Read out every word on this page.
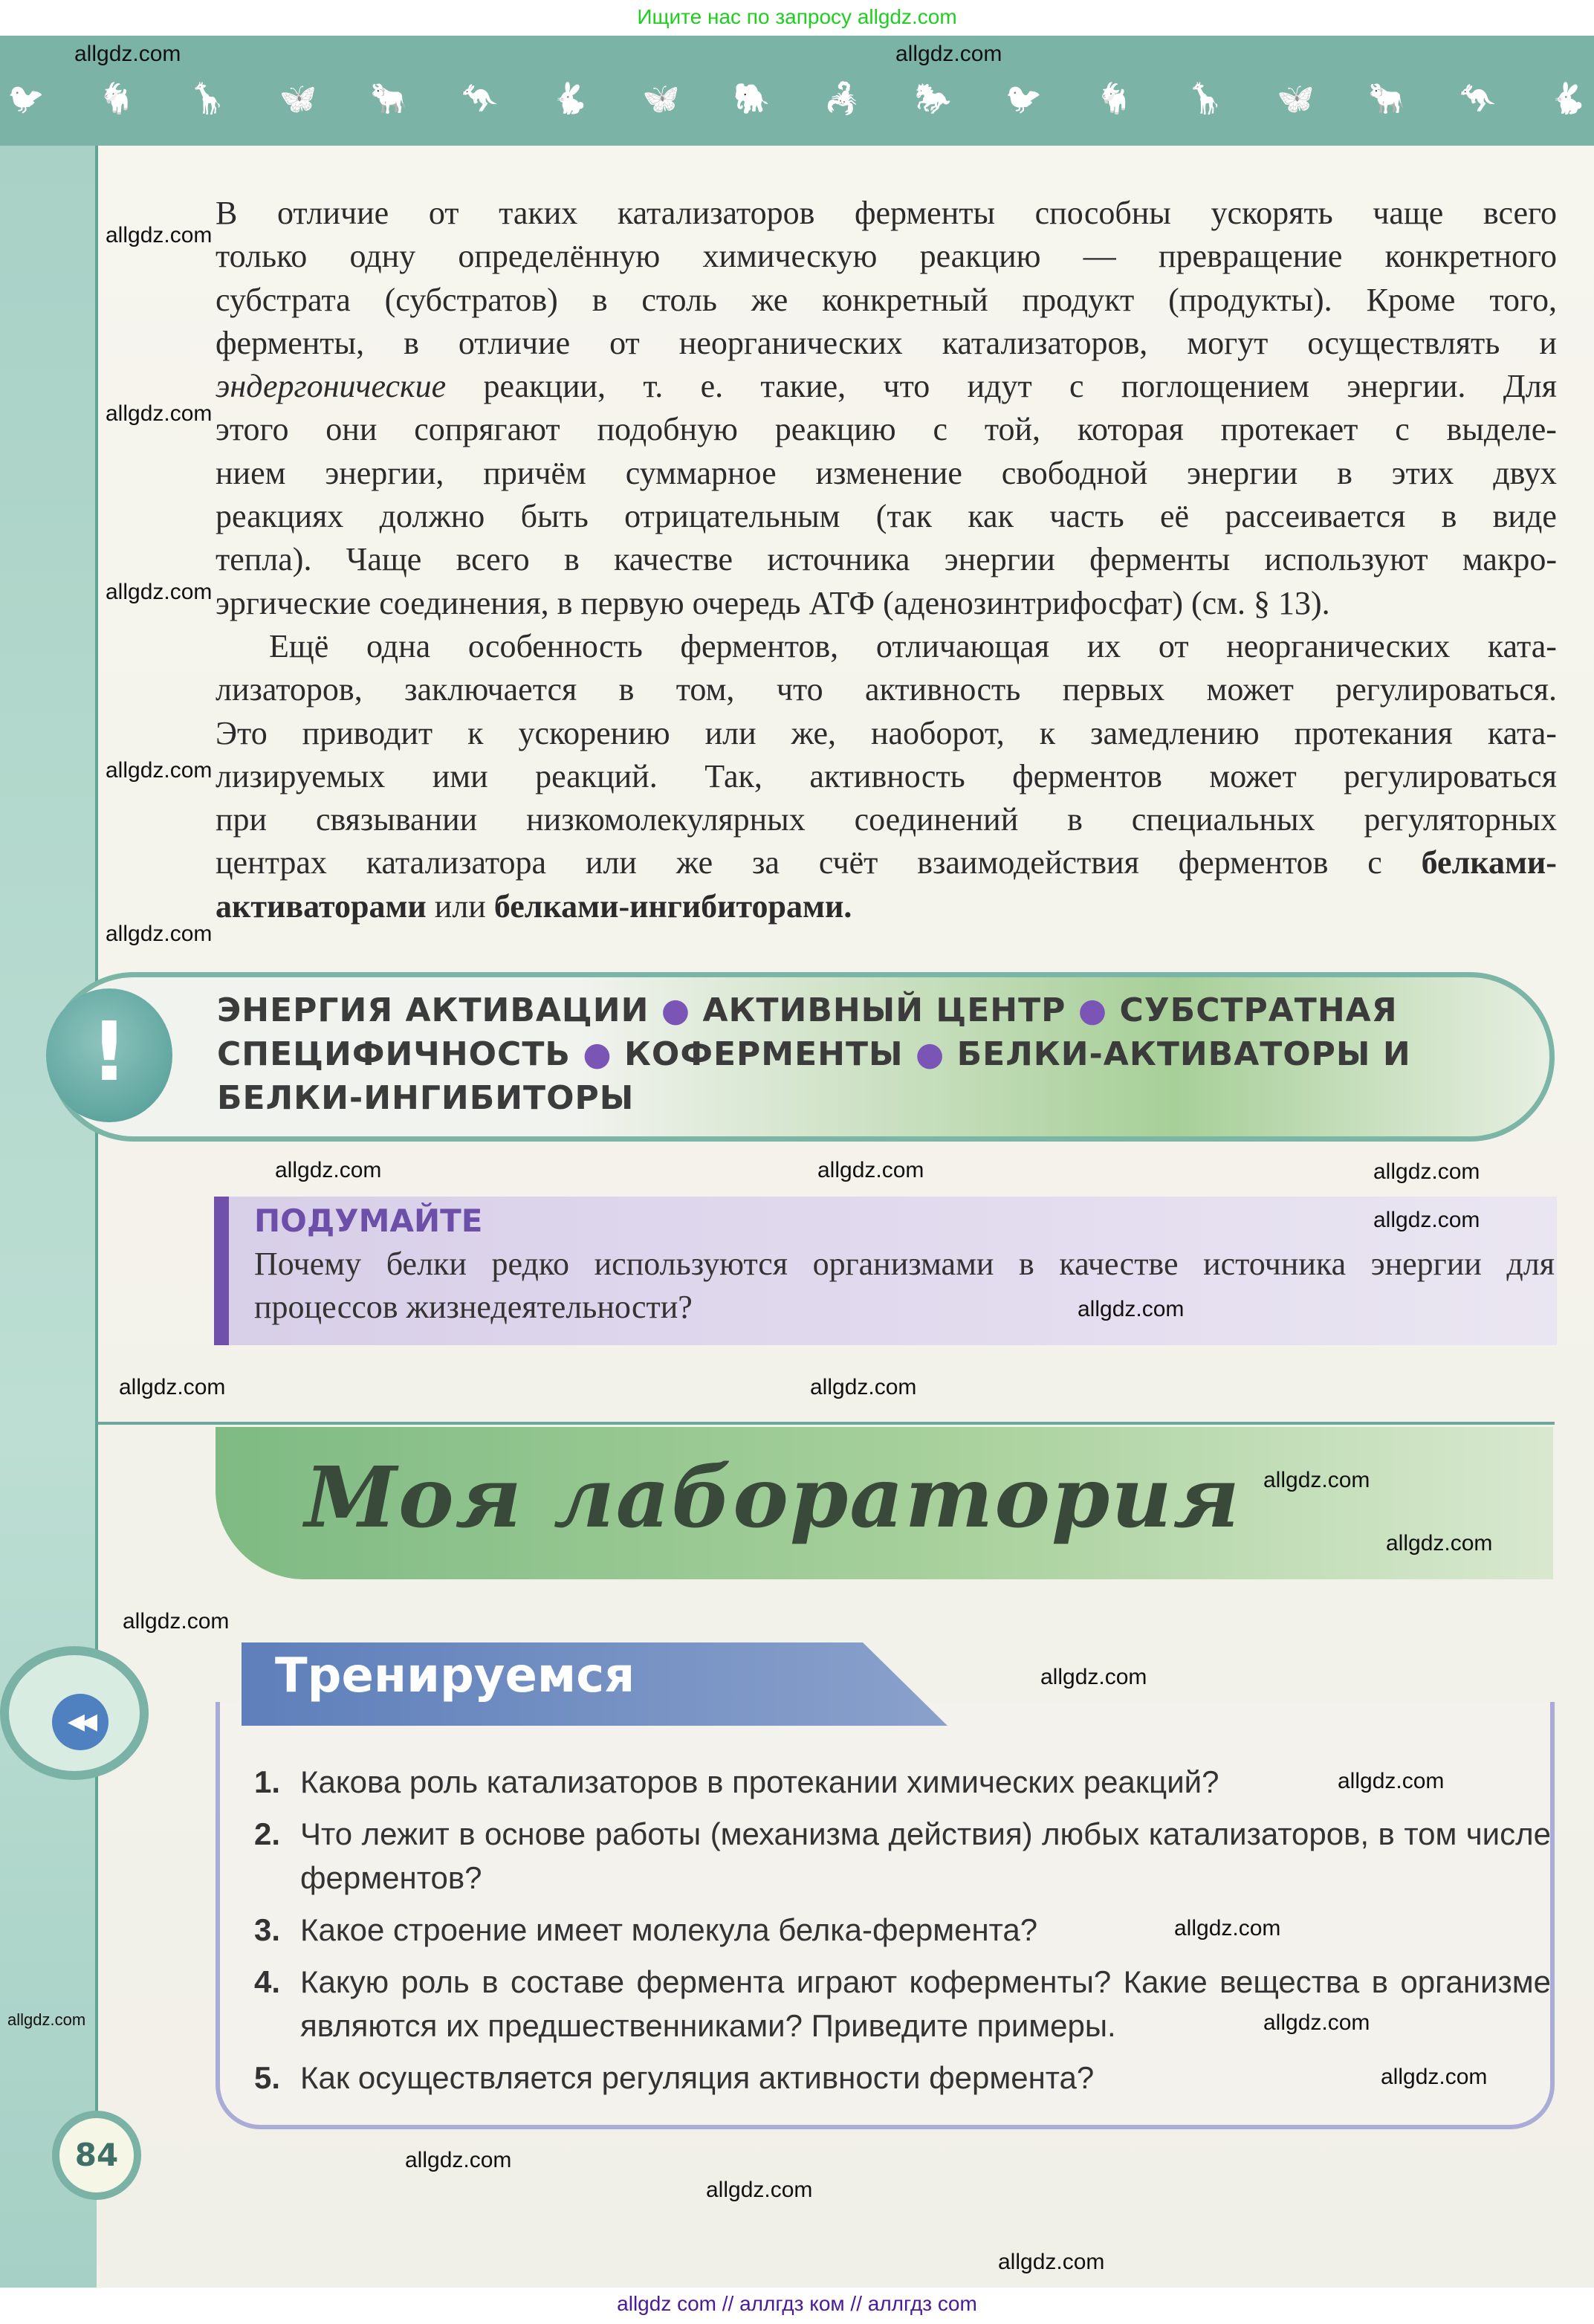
Ищите нас по запросу allgdz.com
🐦 🐐 🦒 🦋 🐂 🦘 🐇 🦋 🐘 🦂 🐎 🐦 🐐 🦒 🦋 🐂 🦘 🐇
В отличие от таких катализаторов ферменты способны ускорять чаще всего
только одну определённую химическую реакцию — превращение конкретного
субстрата (субстратов) в столь же конкретный продукт (продукты). Кроме того,
ферменты, в отличие от неорганических катализаторов, могут осуществлять и
эндергонические реакции, т. е. такие, что идут с поглощением энергии. Для
этого они сопрягают подобную реакцию с той, которая протекает с выделе-
нием энергии, причём суммарное изменение свободной энергии в этих двух
реакциях должно быть отрицательным (так как часть её рассеивается в виде
тепла). Чаще всего в качестве источника энергии ферменты используют макро-
эргические соединения, в первую очередь АТФ (аденозинтрифосфат) (см. § 13).
Ещё одна особенность ферментов, отличающая их от неорганических ката-
лизаторов, заключается в том, что активность первых может регулироваться.
Это приводит к ускорению или же, наоборот, к замедлению протекания ката-
лизируемых ими реакций. Так, активность ферментов может регулироваться
при связывании низкомолекулярных соединений в специальных регуляторных
центрах катализатора или же за счёт взаимодействия ферментов с белками-
активаторами или белками-ингибиторами.
!	ЭНЕРГИЯ АКТИВАЦИИ ● АКТИВНЫЙ ЦЕНТР ● СУБСТРАТНАЯ СПЕЦИФИЧНОСТЬ ● КОФЕРМЕНТЫ ● БЕЛКИ-АКТИВАТОРЫ И БЕЛКИ-ИНГИБИТОРЫ
ПОДУМАЙТЕ
Почему белки редко используются организмами в качестве источника энергии для процессов жизнедеятельности?
Моя лаборатория
Тренируемся
◀◀
1. Какова роль катализаторов в протекании химических реакций?
2. Что лежит в основе работы (механизма действия) любых катализаторов, в том числе ферментов?
3. Какое строение имеет молекула белка-фермента?
4. Какую роль в составе фермента играют коферменты? Какие вещества в организме являются их предшественниками? Приведите примеры.
5. Как осуществляется регуляция активности фермента?
84
allgdz.com	allgdz.com
allgdz.com
allgdz.com
allgdz.com
allgdz.com
allgdz.com
allgdz.com	allgdz.com	allgdz.com
allgdz.com
allgdz.com
allgdz.com	allgdz.com
allgdz.com
allgdz.com
allgdz.com
allgdz.com
allgdz.com
allgdz.com
allgdz.com
allgdz.com
allgdz.com
allgdz.com
allgdz.com
allgdz.com
allgdz com // аллгдз ком // аллгдз com
